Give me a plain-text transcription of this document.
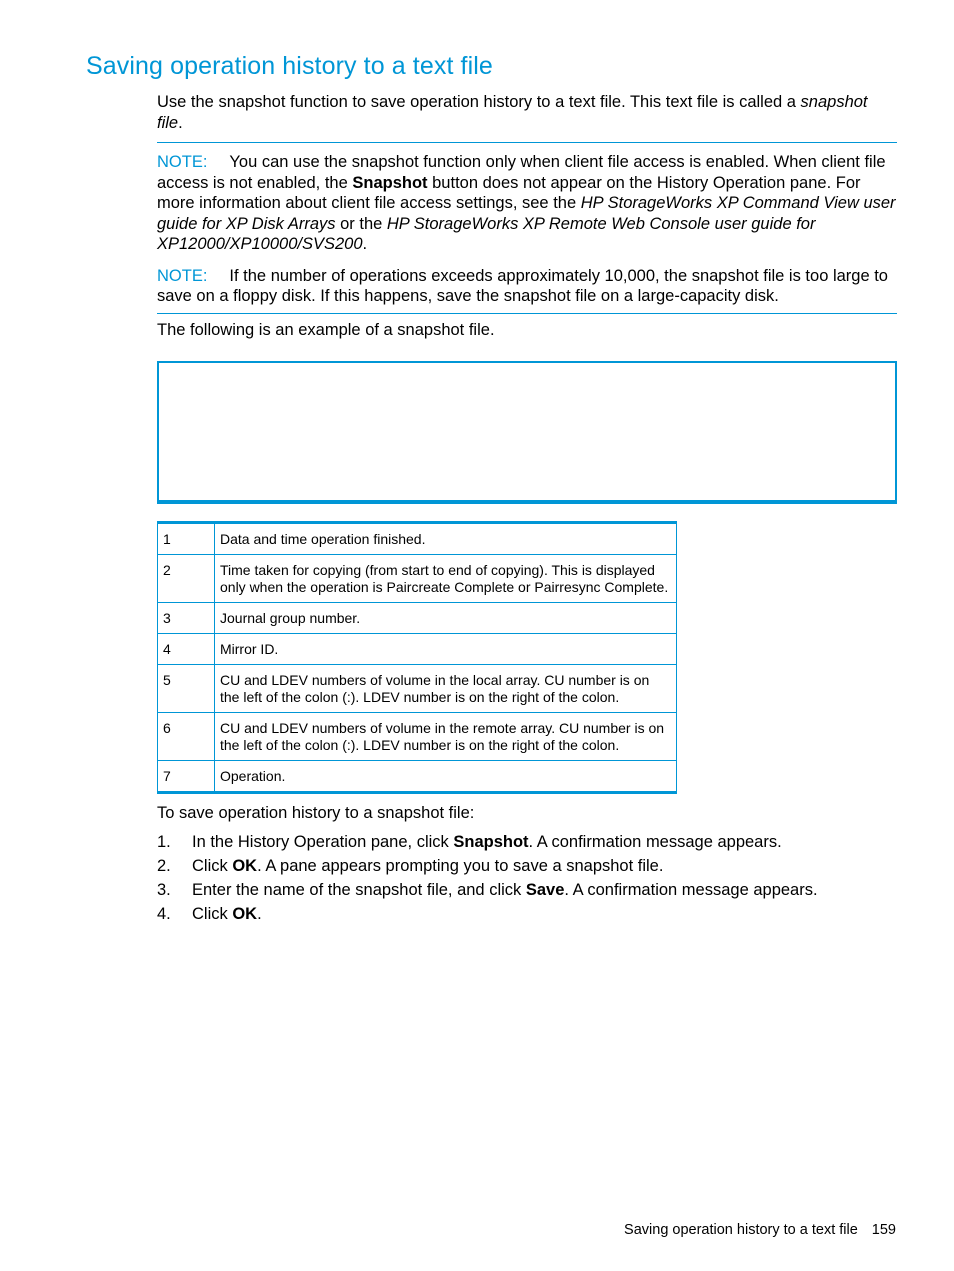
Saving operation history to a text file

Use the snapshot function to save operation history to a text file. This text file is called a snapshot file.

NOTE: You can use the snapshot function only when client file access is enabled. When client file access is not enabled, the Snapshot button does not appear on the History Operation pane. For more information about client file access settings, see the HP StorageWorks XP Command View user guide for XP Disk Arrays or the HP StorageWorks XP Remote Web Console user guide for XP12000/XP10000/SVS200.

NOTE: If the number of operations exceeds approximately 10,000, the snapshot file is too large to save on a floppy disk. If this happens, save the snapshot file on a large-capacity disk.

The following is an example of a snapshot file.

1	Data and time operation finished.
2	Time taken for copying (from start to end of copying). This is displayed only when the operation is Paircreate Complete or Pairresync Complete.
3	Journal group number.
4	Mirror ID.
5	CU and LDEV numbers of volume in the local array. CU number is on the left of the colon (:). LDEV number is on the right of the colon.
6	CU and LDEV numbers of volume in the remote array. CU number is on the left of the colon (:). LDEV number is on the right of the colon.
7	Operation.

To save operation history to a snapshot file:

1. In the History Operation pane, click Snapshot. A confirmation message appears.
2. Click OK. A pane appears prompting you to save a snapshot file.
3. Enter the name of the snapshot file, and click Save. A confirmation message appears.
4. Click OK.
Saving operation history to a text file 159
